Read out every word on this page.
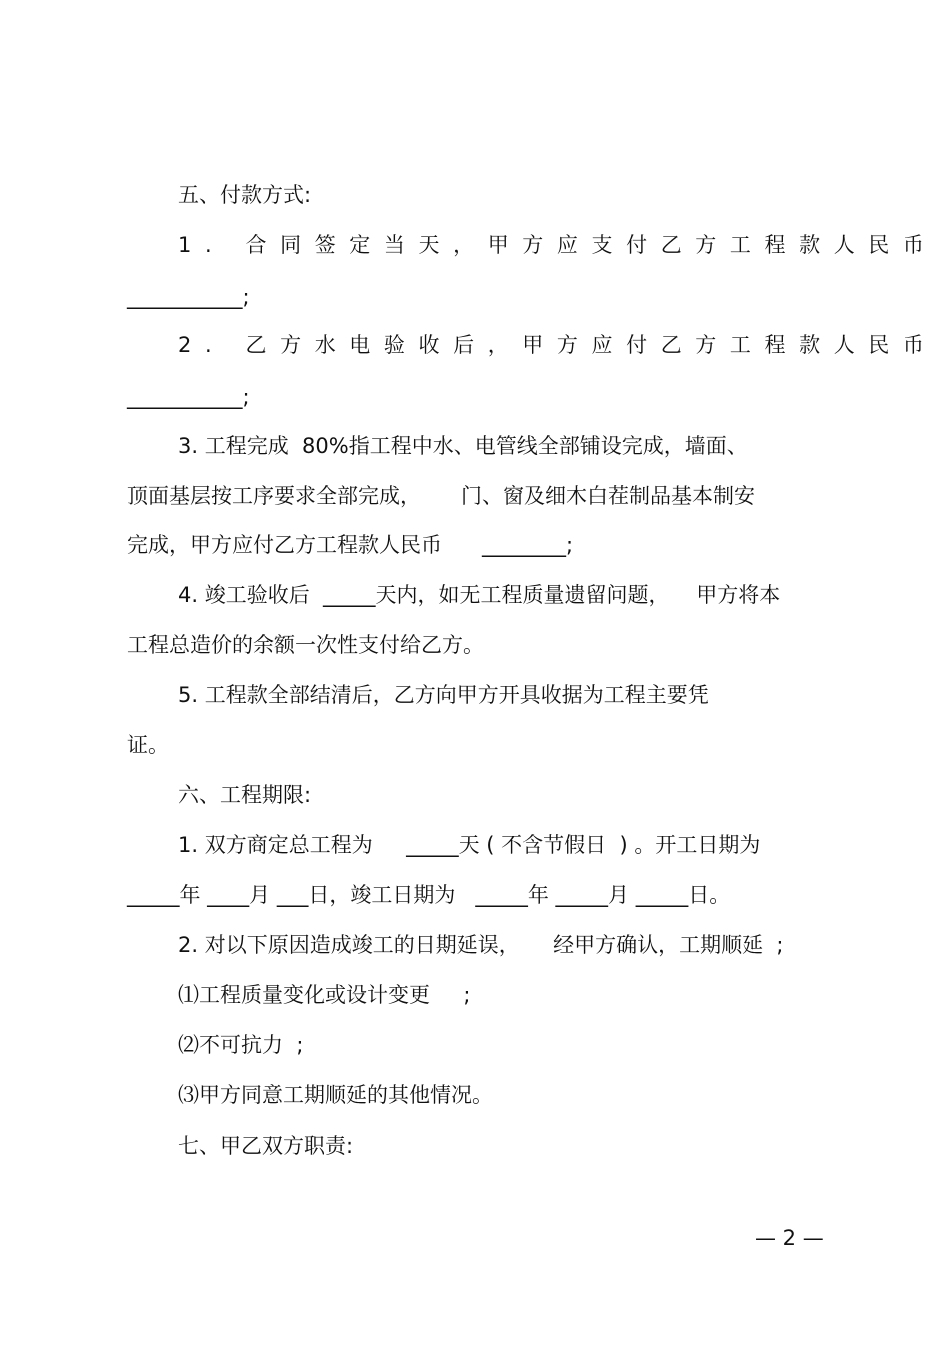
五、付款方式:
1. 合同签定当天，甲方应支付乙方工程款人民币
___________;
2. 乙方水电验收后，甲方应付乙方工程款人民币
___________;
3. 工程完成  80%指工程中水、电管线全部铺设完成，墙面、
顶面基层按工序要求全部完成，      门、窗及细木白茬制品基本制安
完成，甲方应付乙方工程款人民币      ________;
4. 竣工验收后  _____天内，如无工程质量遗留问题，    甲方将本
工程总造价的余额一次性支付给乙方。
5. 工程款全部结清后，乙方向甲方开具收据为工程主要凭
证。
六、工程期限:
1. 双方商定总工程为     _____天 ( 不含节假日  ) 。开工日期为
_____年 ____月 ___日，竣工日期为   _____年 _____月 _____日。
2. 对以下原因造成竣工的日期延误，     经甲方确认，工期顺延  ;
⑴工程质量变化或设计变更     ;
⑵不可抗力  ;
⑶甲方同意工期顺延的其他情况。
七、甲乙双方职责:
— 2 —
